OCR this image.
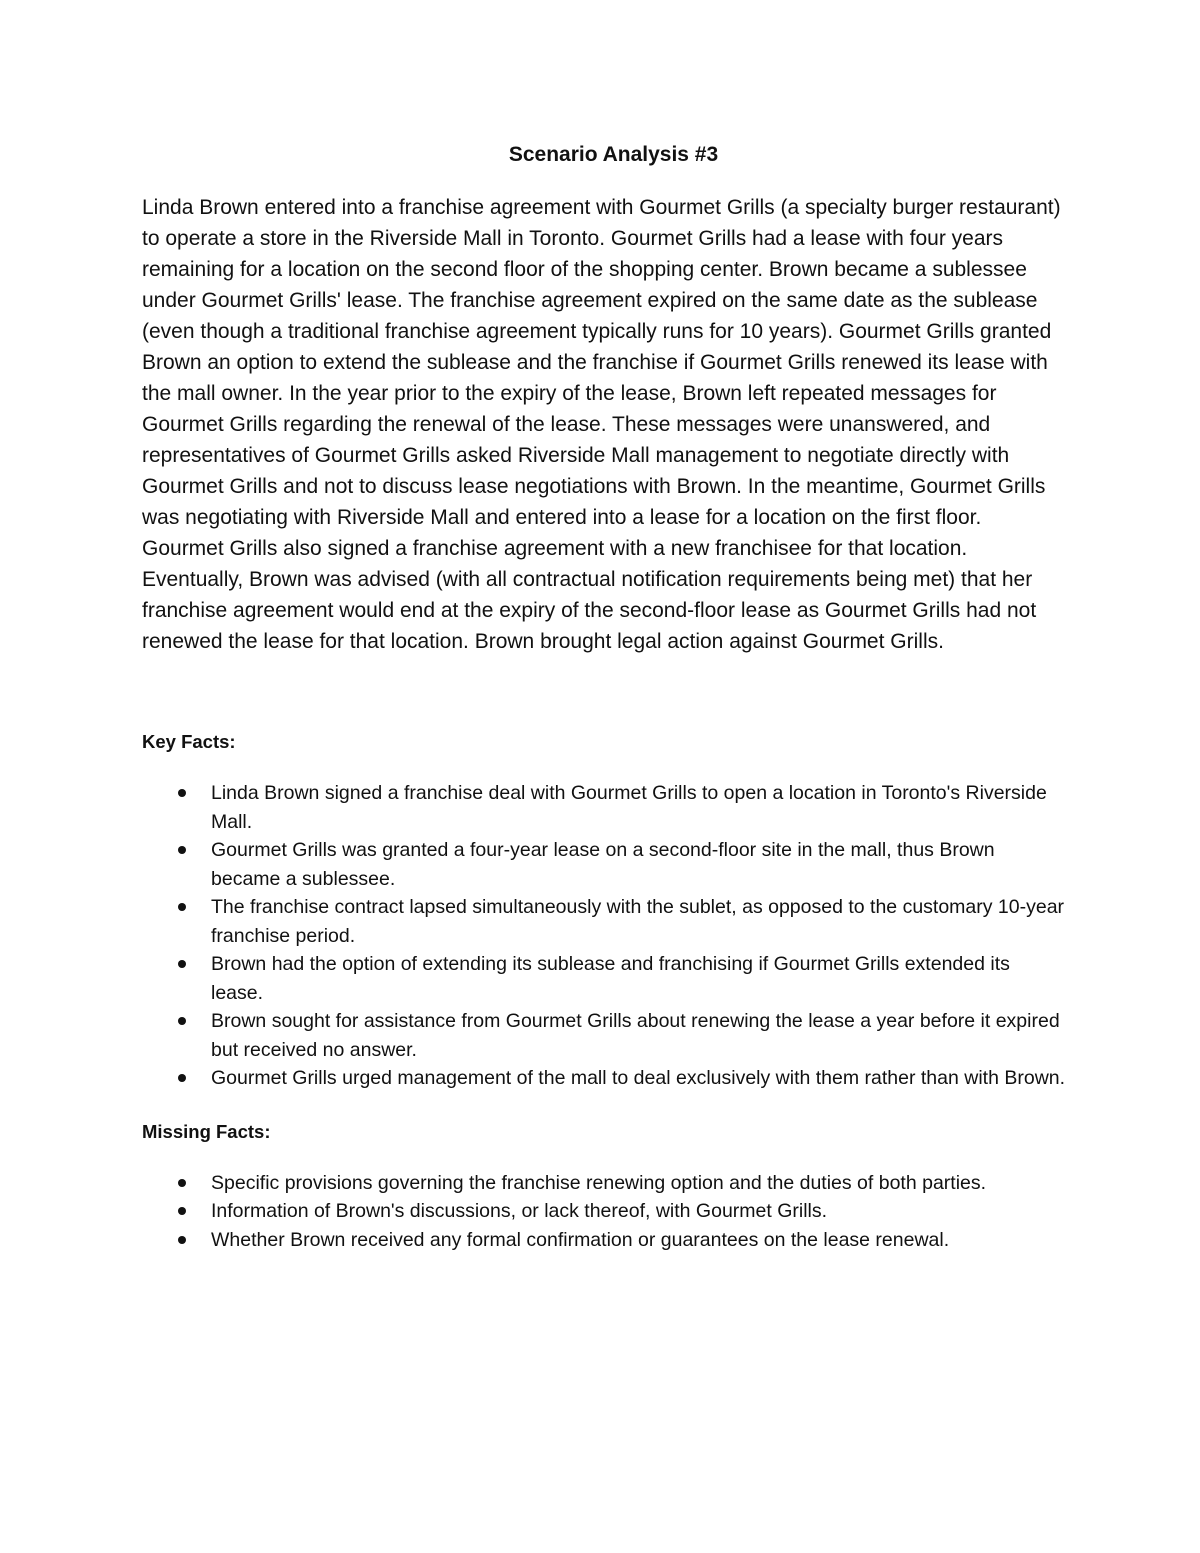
Scenario Analysis #3

Linda Brown entered into a franchise agreement with Gourmet Grills (a specialty burger restaurant) to operate a store in the Riverside Mall in Toronto. Gourmet Grills had a lease with four years remaining for a location on the second floor of the shopping center. Brown became a sublessee under Gourmet Grills' lease. The franchise agreement expired on the same date as the sublease (even though a traditional franchise agreement typically runs for 10 years). Gourmet Grills granted Brown an option to extend the sublease and the franchise if Gourmet Grills renewed its lease with the mall owner. In the year prior to the expiry of the lease, Brown left repeated messages for Gourmet Grills regarding the renewal of the lease. These messages were unanswered, and representatives of Gourmet Grills asked Riverside Mall management to negotiate directly with Gourmet Grills and not to discuss lease negotiations with Brown. In the meantime, Gourmet Grills was negotiating with Riverside Mall and entered into a lease for a location on the first floor. Gourmet Grills also signed a franchise agreement with a new franchisee for that location. Eventually, Brown was advised (with all contractual notification requirements being met) that her franchise agreement would end at the expiry of the second-floor lease as Gourmet Grills had not renewed the lease for that location. Brown brought legal action against Gourmet Grills.

Key Facts:
Linda Brown signed a franchise deal with Gourmet Grills to open a location in Toronto's Riverside Mall.
Gourmet Grills was granted a four-year lease on a second-floor site in the mall, thus Brown became a sublessee.
The franchise contract lapsed simultaneously with the sublet, as opposed to the customary 10-year franchise period.
Brown had the option of extending its sublease and franchising if Gourmet Grills extended its lease.
Brown sought for assistance from Gourmet Grills about renewing the lease a year before it expired but received no answer.
Gourmet Grills urged management of the mall to deal exclusively with them rather than with Brown.
Missing Facts:
Specific provisions governing the franchise renewing option and the duties of both parties.
Information of Brown's discussions, or lack thereof, with Gourmet Grills.
Whether Brown received any formal confirmation or guarantees on the lease renewal.
